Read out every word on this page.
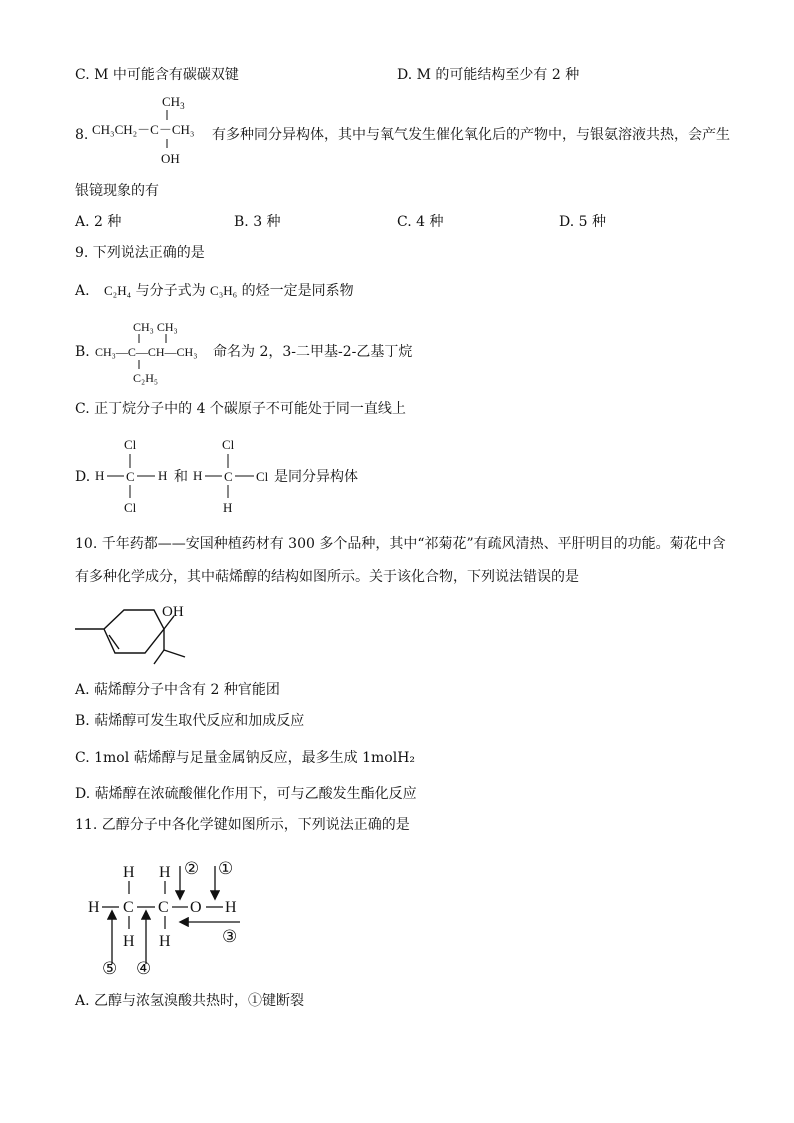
C. M 中可能含有碳碳双键	D. M 的可能结构至少有 2 种
8.
$CH_3$
CH₃CH₂－C－CH₃
OH
有多种同分异构体，其中与氧气发生催化氧化后的产物中，与银氨溶液共热，会产生
银镜现象的有
A. 2 种	B. 3 种	C. 4 种	D. 5 种
9. 下列说法正确的是
A. C₂H₄ 与分子式为 C₃H₆ 的烃一定是同系物
B.
CH₃ CH₃
CH₃—C—CH—CH₃
C₂H₅
命名为 2，3-二甲基-2-乙基丁烷
C. 正丁烷分子中的 4 个碳原子不可能处于同一直线上
D.
Cl
H C H
Cl
和 H C
Cl
Cl
H
是同分异构体
10. 千年药都——安国种植药材有 300 多个品种，其中“祁菊花”有疏风清热、平肝明目的功能。菊花中含
有多种化学成分，其中萜烯醇的结构如图所示。关于该化合物，下列说法错误的是
OH
A. 萜烯醇分子中含有 2 种官能团
B. 萜烯醇可发生取代反应和加成反应
C. 1mol 萜烯醇与足量金属钠反应，最多生成 1molH₂
D. 萜烯醇在浓硫酸催化作用下，可与乙酸发生酯化反应
11. 乙醇分子中各化学键如图所示，下列说法正确的是
H H
H C C O H
H H
①
②
③
④
⑤
A. 乙醇与浓氢溴酸共热时，①键断裂
